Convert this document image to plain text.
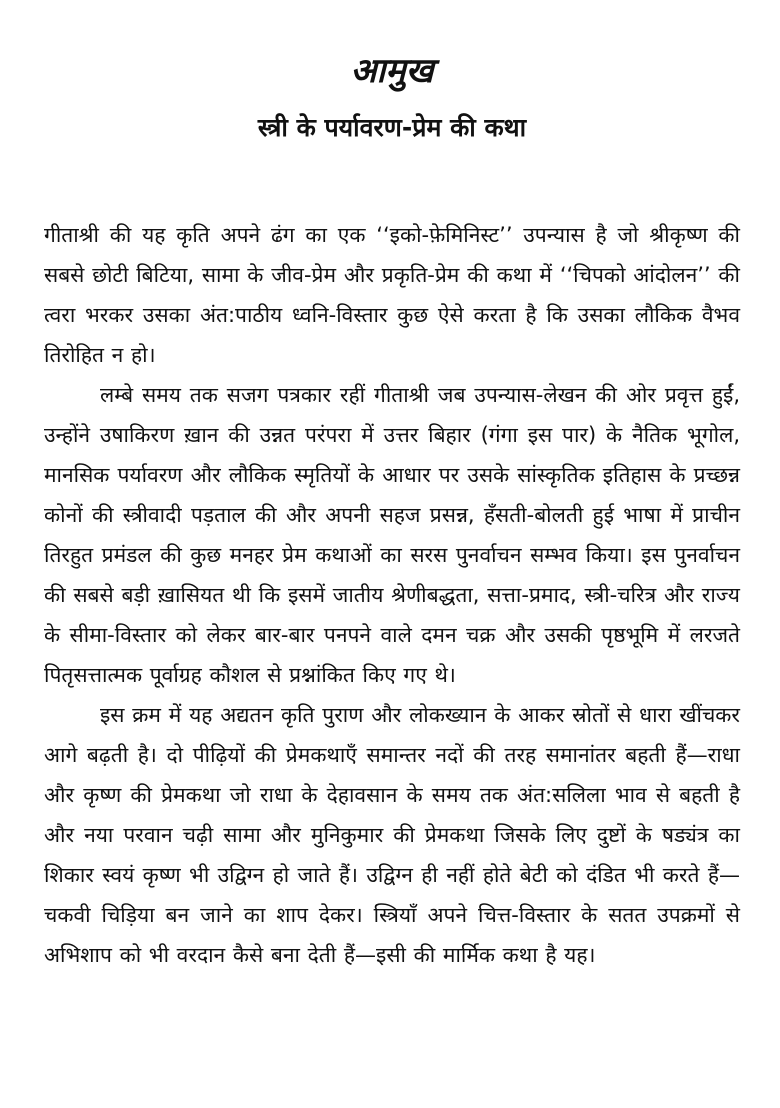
आमुख
स्त्री के पर्यावरण-प्रेम की कथा

गीताश्री की यह कृति अपने ढंग का एक ‘‘इको-फ़ेमिनिस्ट’’ उपन्यास है जो श्रीकृष्ण की सबसे छोटी बिटिया, सामा के जीव-प्रेम और प्रकृति-प्रेम की कथा में ‘‘चिपको आंदोलन’’ की त्वरा भरकर उसका अंत:पाठीय ध्वनि-विस्तार कुछ ऐसे करता है कि उसका लौकिक वैभव तिरोहित न हो।

लम्बे समय तक सजग पत्रकार रहीं गीताश्री जब उपन्यास-लेखन की ओर प्रवृत्त हुईं, उन्होंने उषाकिरण ख़ान की उन्नत परंपरा में उत्तर बिहार (गंगा इस पार) के नैतिक भूगोल, मानसिक पर्यावरण और लौकिक स्मृतियों के आधार पर उसके सांस्कृतिक इतिहास के प्रच्छन्न कोनों की स्त्रीवादी पड़ताल की और अपनी सहज प्रसन्न, हँसती-बोलती हुई भाषा में प्राचीन तिरहुत प्रमंडल की कुछ मनहर प्रेम कथाओं का सरस पुनर्वाचन सम्भव किया। इस पुनर्वाचन की सबसे बड़ी ख़ासियत थी कि इसमें जातीय श्रेणीबद्धता, सत्ता-प्रमाद, स्त्री-चरित्र और राज्य के सीमा-विस्तार को लेकर बार-बार पनपने वाले दमन चक्र और उसकी पृष्ठभूमि में लरजते पितृसत्तात्मक पूर्वाग्रह कौशल से प्रश्नांकित किए गए थे।

इस क्रम में यह अद्यतन कृति पुराण और लोकख्यान के आकर स्रोतों से धारा खींचकर आगे बढ़ती है। दो पीढ़ियों की प्रेमकथाएँ समान्तर नदों की तरह समानांतर बहती हैं—राधा और कृष्ण की प्रेमकथा जो राधा के देहावसान के समय तक अंत:सलिला भाव से बहती है और नया परवान चढ़ी सामा और मुनिकुमार की प्रेमकथा जिसके लिए दुष्टों के षड्यंत्र का शिकार स्वयं कृष्ण भी उद्विग्न हो जाते हैं। उद्विग्न ही नहीं होते बेटी को दंडित भी करते हैं—चकवी चिड़िया बन जाने का शाप देकर। स्त्रियाँ अपने चित्त-विस्तार के सतत उपक्रमों से अभिशाप को भी वरदान कैसे बना देती हैं—इसी की मार्मिक कथा है यह।
